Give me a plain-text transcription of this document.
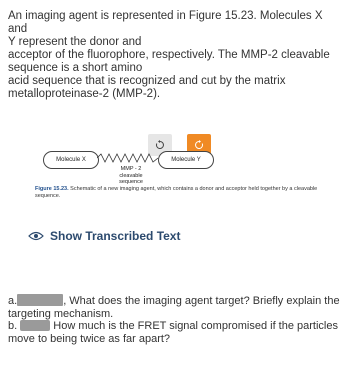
An imaging agent is represented in Figure 15.23. Molecules X and
Y represent the donor and
acceptor of the fluorophore, respectively. The MMP-2 cleavable
sequence is a short amino
acid sequence that is recognized and cut by the matrix
metalloproteinase-2 (MMP-2).
Molecule X	Molecule Y
MMP - 2
cleavable
sequence
Figure 15.23. Schematic of a new imaging agent, which contains a donor and acceptor held together by a cleavable sequence.
Show Transcribed Text
a.	, What does the imaging agent target? Briefly explain the targeting mechanism.
b.	How much is the FRET signal compromised if the particles move to being twice as far apart?
